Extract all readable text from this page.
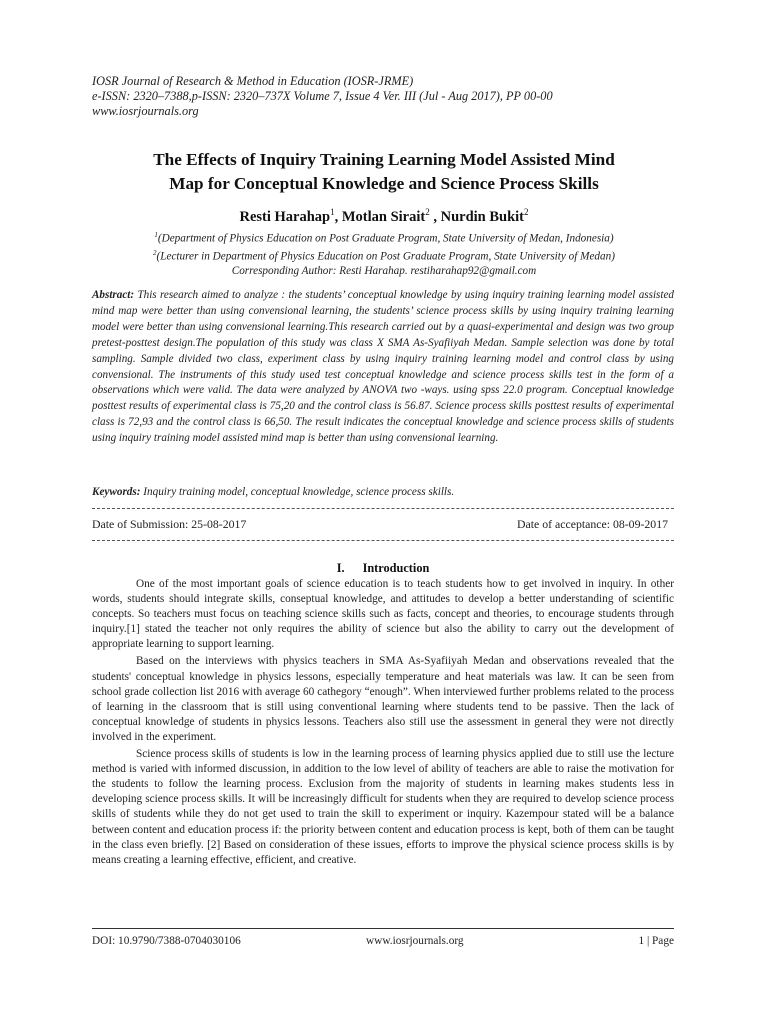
IOSR Journal of Research & Method in Education (IOSR-JRME)
e-ISSN: 2320–7388,p-ISSN: 2320–737X Volume 7, Issue 4 Ver. III (Jul - Aug 2017), PP 00-00
www.iosrjournals.org
The Effects of Inquiry Training Learning Model Assisted Mind
Map for Conceptual Knowledge and Science Process Skills
Resti Harahap$^1$, Motlan Sirait$^2$ , Nurdin Bukit$^2$
$^1$(Department of Physics Education on Post Graduate Program, State University of Medan, Indonesia)
$^2$(Lecturer in Department of Physics Education on Post Graduate Program, State University of Medan)
Corresponding Author: Resti Harahap. restiharahap92@gmail.com
Abstract: This research aimed to analyze : the students’ conceptual knowledge by using inquiry training learning model assisted mind map were better than using convensional learning, the students’ science process skills by using inquiry training learning model were better than using convensional learning.This research carried out by a quasi-experimental and design was two group pretest-posttest design.The population of this study was class X SMA As-Syafiiyah Medan. Sample selection was done by total sampling. Sample divided two class, experiment class by using inquiry training learning model and control class by using convensional. The instruments of this study used test conceptual knowledge and science process skills test in the form of a observations which were valid. The data were analyzed by ANOVA two -ways. using spss 22.0 program. Conceptual knowledge posttest results of experimental class is 75,20 and the control class is 56.87. Science process skills posttest results of experimental class is 72,93 and the control class is 66,50. The result indicates the conceptual knowledge and science process skills of students using inquiry training model assisted mind map is better than using convensional learning.
Keywords: Inquiry training model, conceptual knowledge, science process skills.
Date of Submission: 25-08-2017	Date of acceptance: 08-09-2017
I. Introduction

One of the most important goals of science education is to teach students how to get involved in inquiry. In other words, students should integrate skills, conseptual knowledge, and attitudes to develop a better understanding of scientific concepts. So teachers must focus on teaching science skills such as facts, concept and theories, to encourage students through inquiry.[1] stated the teacher not only requires the ability of science but also the ability to carry out the development of appropriate learning to support learning.

Based on the interviews with physics teachers in SMA As-Syafiiyah Medan and observations revealed that the students' conceptual knowledge in physics lessons, especially temperature and heat materials was law. It can be seen from school grade collection list 2016 with average 60 cathegory “enough”. When interviewed further problems related to the process of learning in the classroom that is still using conventional learning where students tend to be passive. Then the lack of conceptual knowledge of students in physics lessons. Teachers also still use the assessment in general they were not directly involved in the experiment.

Science process skills of students is low in the learning process of learning physics applied due to still use the lecture method is varied with informed discussion, in addition to the low level of ability of teachers are able to raise the motivation for the students to follow the learning process. Exclusion from the majority of students in learning makes students less in developing science process skills. It will be increasingly difficult for students when they are required to develop science process skills of students while they do not get used to train the skill to experiment or inquiry. Kazempour stated will be a balance between content and education process if: the priority between content and education process is kept, both of them can be taught in the class even briefly. [2] Based on consideration of these issues, efforts to improve the physical science process skills is by means creating a learning effective, efficient, and creative.

DOI: 10.9790/7388-0704030106	www.iosrjournals.org	1 | Page
